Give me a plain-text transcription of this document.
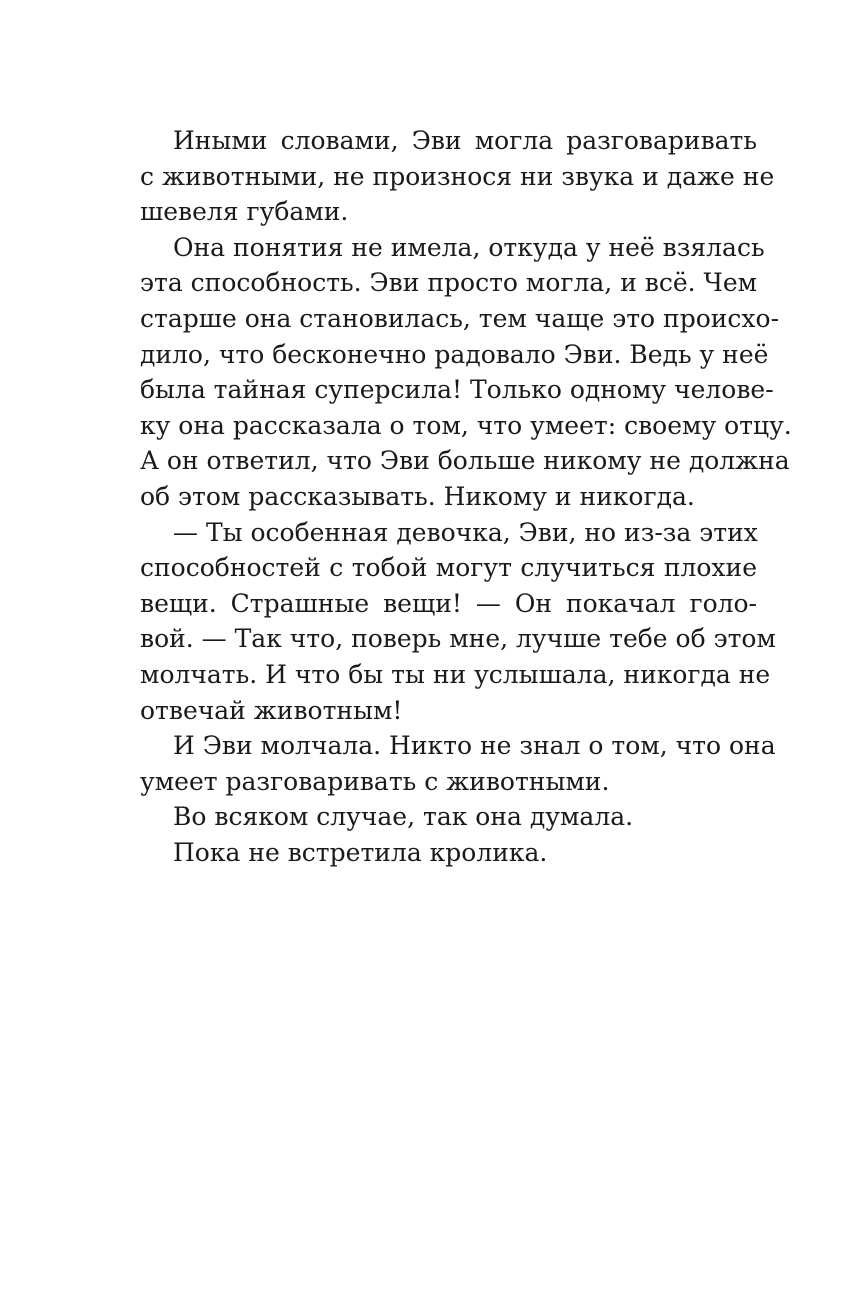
Иными словами, Эви могла разговаривать
с животными, не произнося ни звука и даже не
шевеля губами.
Она понятия не имела, откуда у неё взялась
эта способность. Эви просто могла, и всё. Чем
старше она становилась, тем чаще это происхо-
дило, что бесконечно радовало Эви. Ведь у неё
была тайная суперсила! Только одному челове-
ку она рассказала о том, что умеет: своему отцу.
А он ответил, что Эви больше никому не должна
об этом рассказывать. Никому и никогда.
— Ты особенная девочка, Эви, но из-за этих
способностей с тобой могут случиться плохие
вещи. Страшные вещи! — Он покачал голо-
вой. — Так что, поверь мне, лучше тебе об этом
молчать. И что бы ты ни услышала, никогда не
отвечай животным!
И Эви молчала. Никто не знал о том, что она
умеет разговаривать с животными.
Во всяком случае, так она думала.
Пока не встретила кролика.
